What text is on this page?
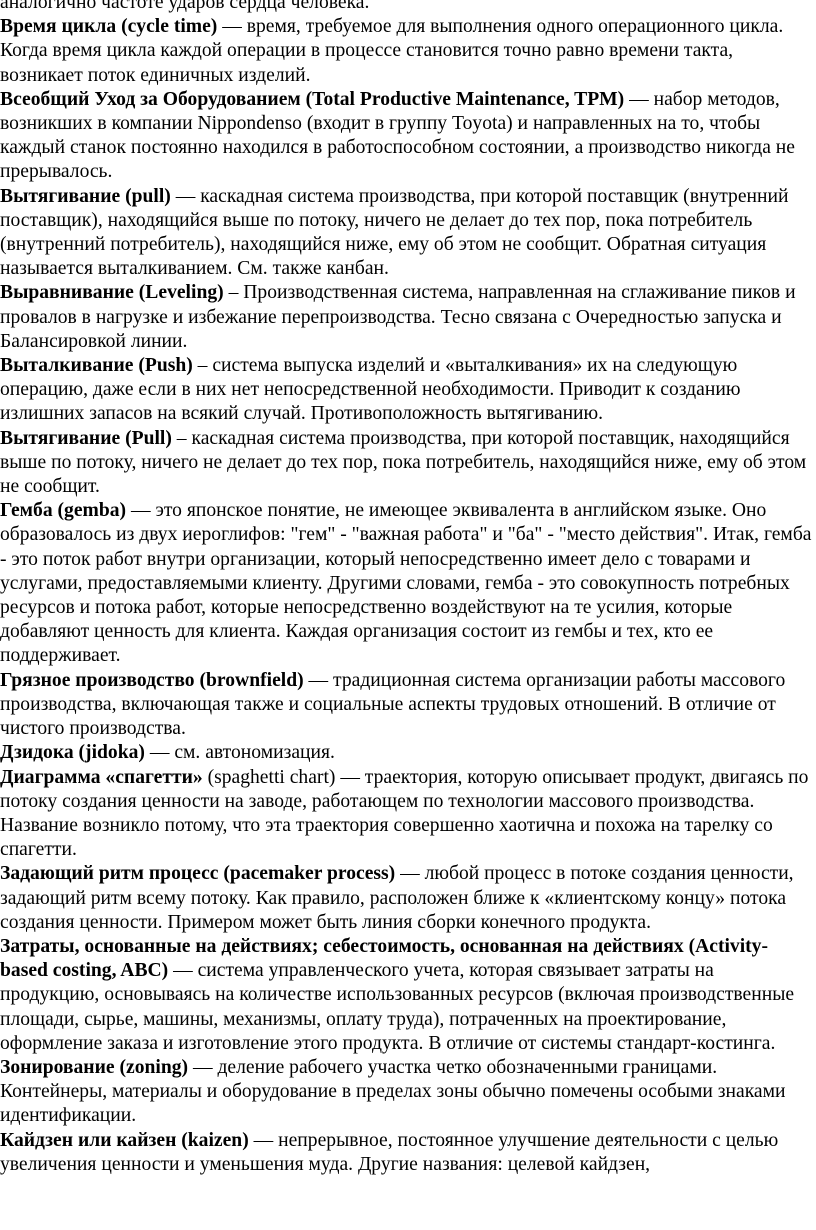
аналогично частоте ударов сердца человека.

Время цикла (cycle time) — время, требуемое для выполнения одного операционного цикла. Когда время цикла каждой операции в процессе становится точно равно времени такта, возникает поток единичных изделий.

Всеобщий Уход за Оборудованием (Total Productive Maintenance, TPM) — набор методов, возникших в компании Nippondenso (входит в группу Toyota) и направленных на то, чтобы каждый станок постоянно находился в работоспособном состоянии, а производство никогда не прерывалось.

Вытягивание (pull) — каскадная система производства, при которой поставщик (внутренний поставщик), находящийся выше по потоку, ничего не делает до тех пор, пока потребитель (внутренний потребитель), находящийся ниже, ему об этом не сообщит. Обратная ситуация называется выталкиванием. См. также канбан.

Выравнивание (Leveling) – Производственная система, направленная на сглаживание пиков и провалов в нагрузке и избежание перепроизводства. Тесно связана с Очередностью запуска и Балансировкой линии.

Выталкивание (Push) – система выпуска изделий и «выталкивания» их на следующую операцию, даже если в них нет непосредственной необходимости. Приводит к созданию излишних запасов на всякий случай. Противоположность вытягиванию.

Вытягивание (Pull) – каскадная система производства, при которой поставщик, находящийся выше по потоку, ничего не делает до тех пор, пока потребитель, находящийся ниже, ему об этом не сообщит.

Гемба (gemba) — это японское понятие, не имеющее эквивалента в английском языке. Оно образовалось из двух иероглифов: "гем" - "важная работа" и "ба" - "место действия". Итак, гемба - это поток работ внутри организации, который непосредственно имеет дело с товарами и услугами, предоставляемыми клиенту. Другими словами, гемба - это совокупность потребных ресурсов и потока работ, которые непосредственно воздействуют на те усилия, которые добавляют ценность для клиента. Каждая организация состоит из гембы и тех, кто ее поддерживает.

Грязное производство (brownfield) — традиционная система организации работы массового производства, включающая также и социальные аспекты трудовых отношений. В отличие от чистого производства.

Дзидока (jidoka) — см. автономизация.

Диаграмма «спагетти» (spaghetti chart) — траектория, которую описывает продукт, двигаясь по потоку создания ценности на заводе, работающем по технологии массового производства. Название возникло потому, что эта траектория совершенно хаотична и похожа на тарелку со спагетти.

Задающий ритм процесс (pacemaker process) — любой процесс в потоке создания ценности, задающий ритм всему потоку. Как правило, расположен ближе к «клиентскому концу» потока создания ценности. Примером может быть линия сборки конечного продукта.

Затраты, основанные на действиях; себестоимость, основанная на действиях (Activity-based costing, ABC) — система управленческого учета, которая связывает затраты на продукцию, основываясь на количестве использованных ресурсов (включая производственные площади, сырье, машины, механизмы, оплату труда), потраченных на проектирование, оформление заказа и изготовление этого продукта. В отличие от системы стандарт-костинга.

Зонирование (zoning) — деление рабочего участка четко обозначенными границами. Контейнеры, материалы и оборудование в пределах зоны обычно помечены особыми знаками идентификации.

Кайдзен или кайзен (kaizen) — непрерывное, постоянное улучшение деятельности с целью увеличения ценности и уменьшения муда. Другие названия: целевой кайдзен,
